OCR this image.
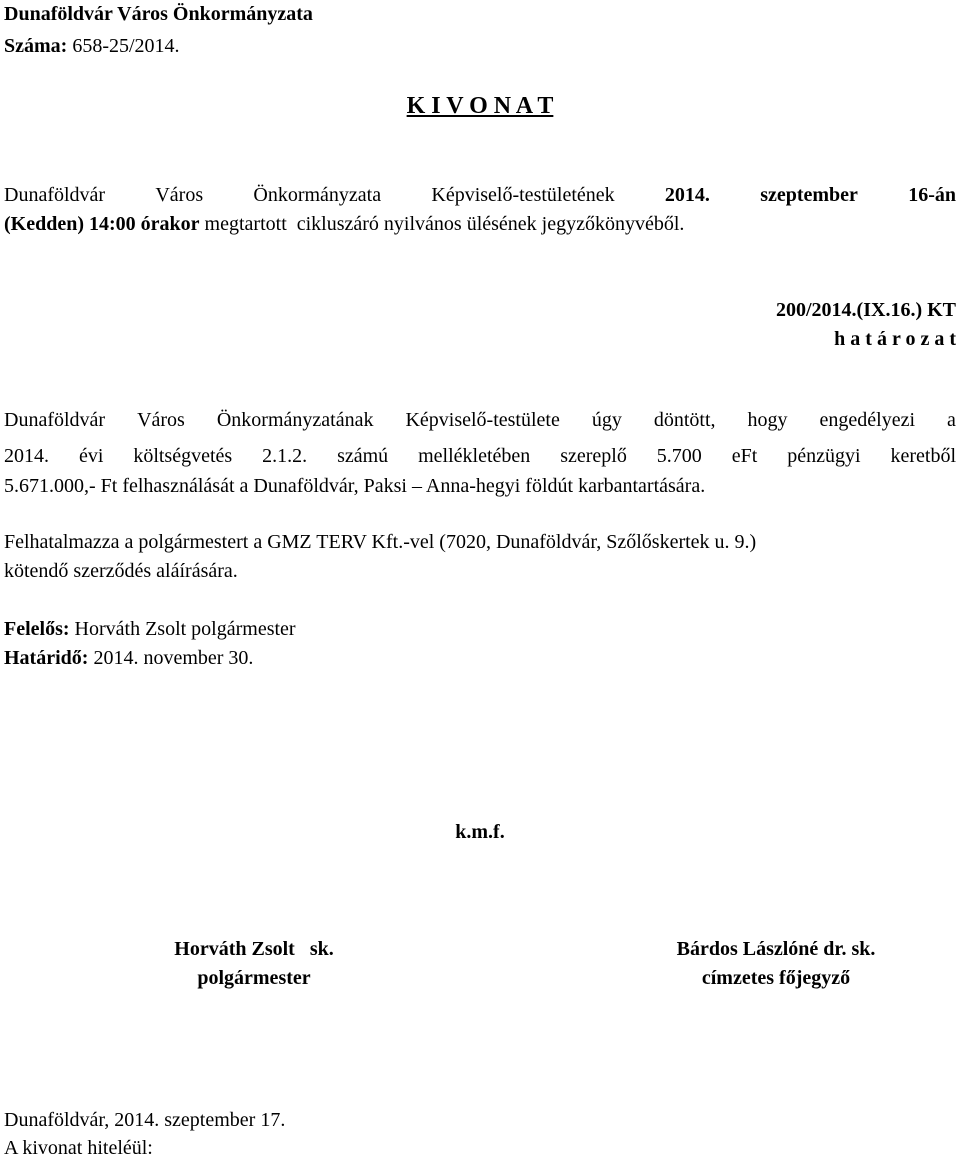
Dunaföldvár Város Önkormányzata
Száma: 658-25/2014.
K I V O N A T
Dunaföldvár	Város	Önkormányzata	Képviselő-testületének	2014.	szeptember	16-án
(Kedden) 14:00 órakor megtartott  cikluszáró nyilvános ülésének jegyzőkönyvéből.
200/2014.(IX.16.) KT
h a t á r o z a t
Dunaföldvár Város Önkormányzatának Képviselő-testülete úgy döntött, hogy engedélyezi a
2014. évi költségvetés 2.1.2. számú mellékletében szereplő 5.700 eFt pénzügyi keretből
5.671.000,- Ft felhasználását a Dunaföldvár, Paksi – Anna-hegyi földút karbantartására.
Felhatalmazza a polgármestert a GMZ TERV Kft.-vel (7020, Dunaföldvár, Szőlőskertek u. 9.)
kötendő szerződés aláírására.
Felelős: Horváth Zsolt polgármester
Határidő: 2014. november 30.
k.m.f.
Horváth Zsolt   sk.
polgármester
Bárdos Lászlóné dr. sk.
címzetes főjegyző
Dunaföldvár, 2014. szeptember 17.
A kivonat hiteléül:
